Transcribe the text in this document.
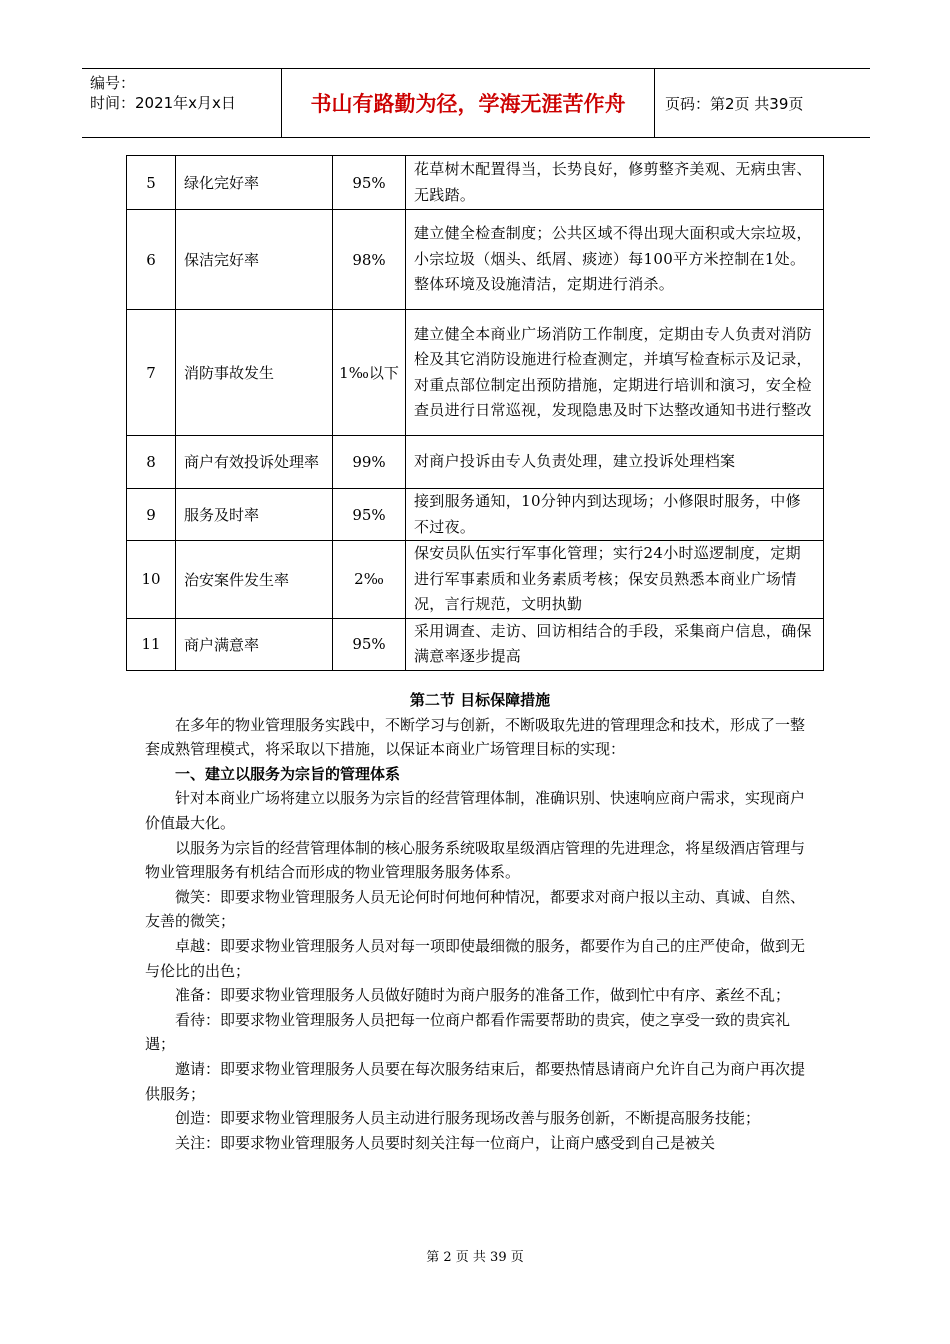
编号：
时间：2021年x月x日	书山有路勤为径，学海无涯苦作舟	页码：第2页 共39页
5	绿化完好率	95%	花草树木配置得当，长势良好，修剪整齐美观、无病虫害、无践踏。
6	保洁完好率	98%	建立健全检查制度；公共区域不得出现大面积或大宗垃圾，小宗垃圾（烟头、纸屑、痰迹）每100平方米控制在1处。整体环境及设施清洁，定期进行消杀。
7	消防事故发生	1‰以下	建立健全本商业广场消防工作制度，定期由专人负责对消防栓及其它消防设施进行检查测定，并填写检查标示及记录，对重点部位制定出预防措施，定期进行培训和演习，安全检查员进行日常巡视，发现隐患及时下达整改通知书进行整改
8	商户有效投诉处理率	99%	对商户投诉由专人负责处理，建立投诉处理档案
9	服务及时率	95%	接到服务通知，10分钟内到达现场；小修限时服务，中修不过夜。
10	治安案件发生率	2‰	保安员队伍实行军事化管理；实行24小时巡逻制度，定期进行军事素质和业务素质考核；保安员熟悉本商业广场情况，言行规范，文明执勤
11	商户满意率	95%	采用调查、走访、回访相结合的手段，采集商户信息，确保满意率逐步提高
第二节 目标保障措施

在多年的物业管理服务实践中，不断学习与创新，不断吸取先进的管理理念和技术，形成了一整套成熟管理模式，将采取以下措施，以保证本商业广场管理目标的实现：

一、建立以服务为宗旨的管理体系

针对本商业广场将建立以服务为宗旨的经营管理体制，准确识别、快速响应商户需求，实现商户价值最大化。

以服务为宗旨的经营管理体制的核心服务系统吸取星级酒店管理的先进理念，将星级酒店管理与物业管理服务有机结合而形成的物业管理服务服务体系。

微笑：即要求物业管理服务人员无论何时何地何种情况，都要求对商户报以主动、真诚、自然、友善的微笑；

卓越：即要求物业管理服务人员对每一项即使最细微的服务，都要作为自己的庄严使命，做到无与伦比的出色；

准备：即要求物业管理服务人员做好随时为商户服务的准备工作，做到忙中有序、紊丝不乱；

看待：即要求物业管理服务人员把每一位商户都看作需要帮助的贵宾，使之享受一致的贵宾礼遇；

邀请：即要求物业管理服务人员要在每次服务结束后，都要热情恳请商户允许自己为商户再次提供服务；

创造：即要求物业管理服务人员主动进行服务现场改善与服务创新，不断提高服务技能；

关注：即要求物业管理服务人员要时刻关注每一位商户，让商户感受到自己是被关

第 2 页 共 39 页
